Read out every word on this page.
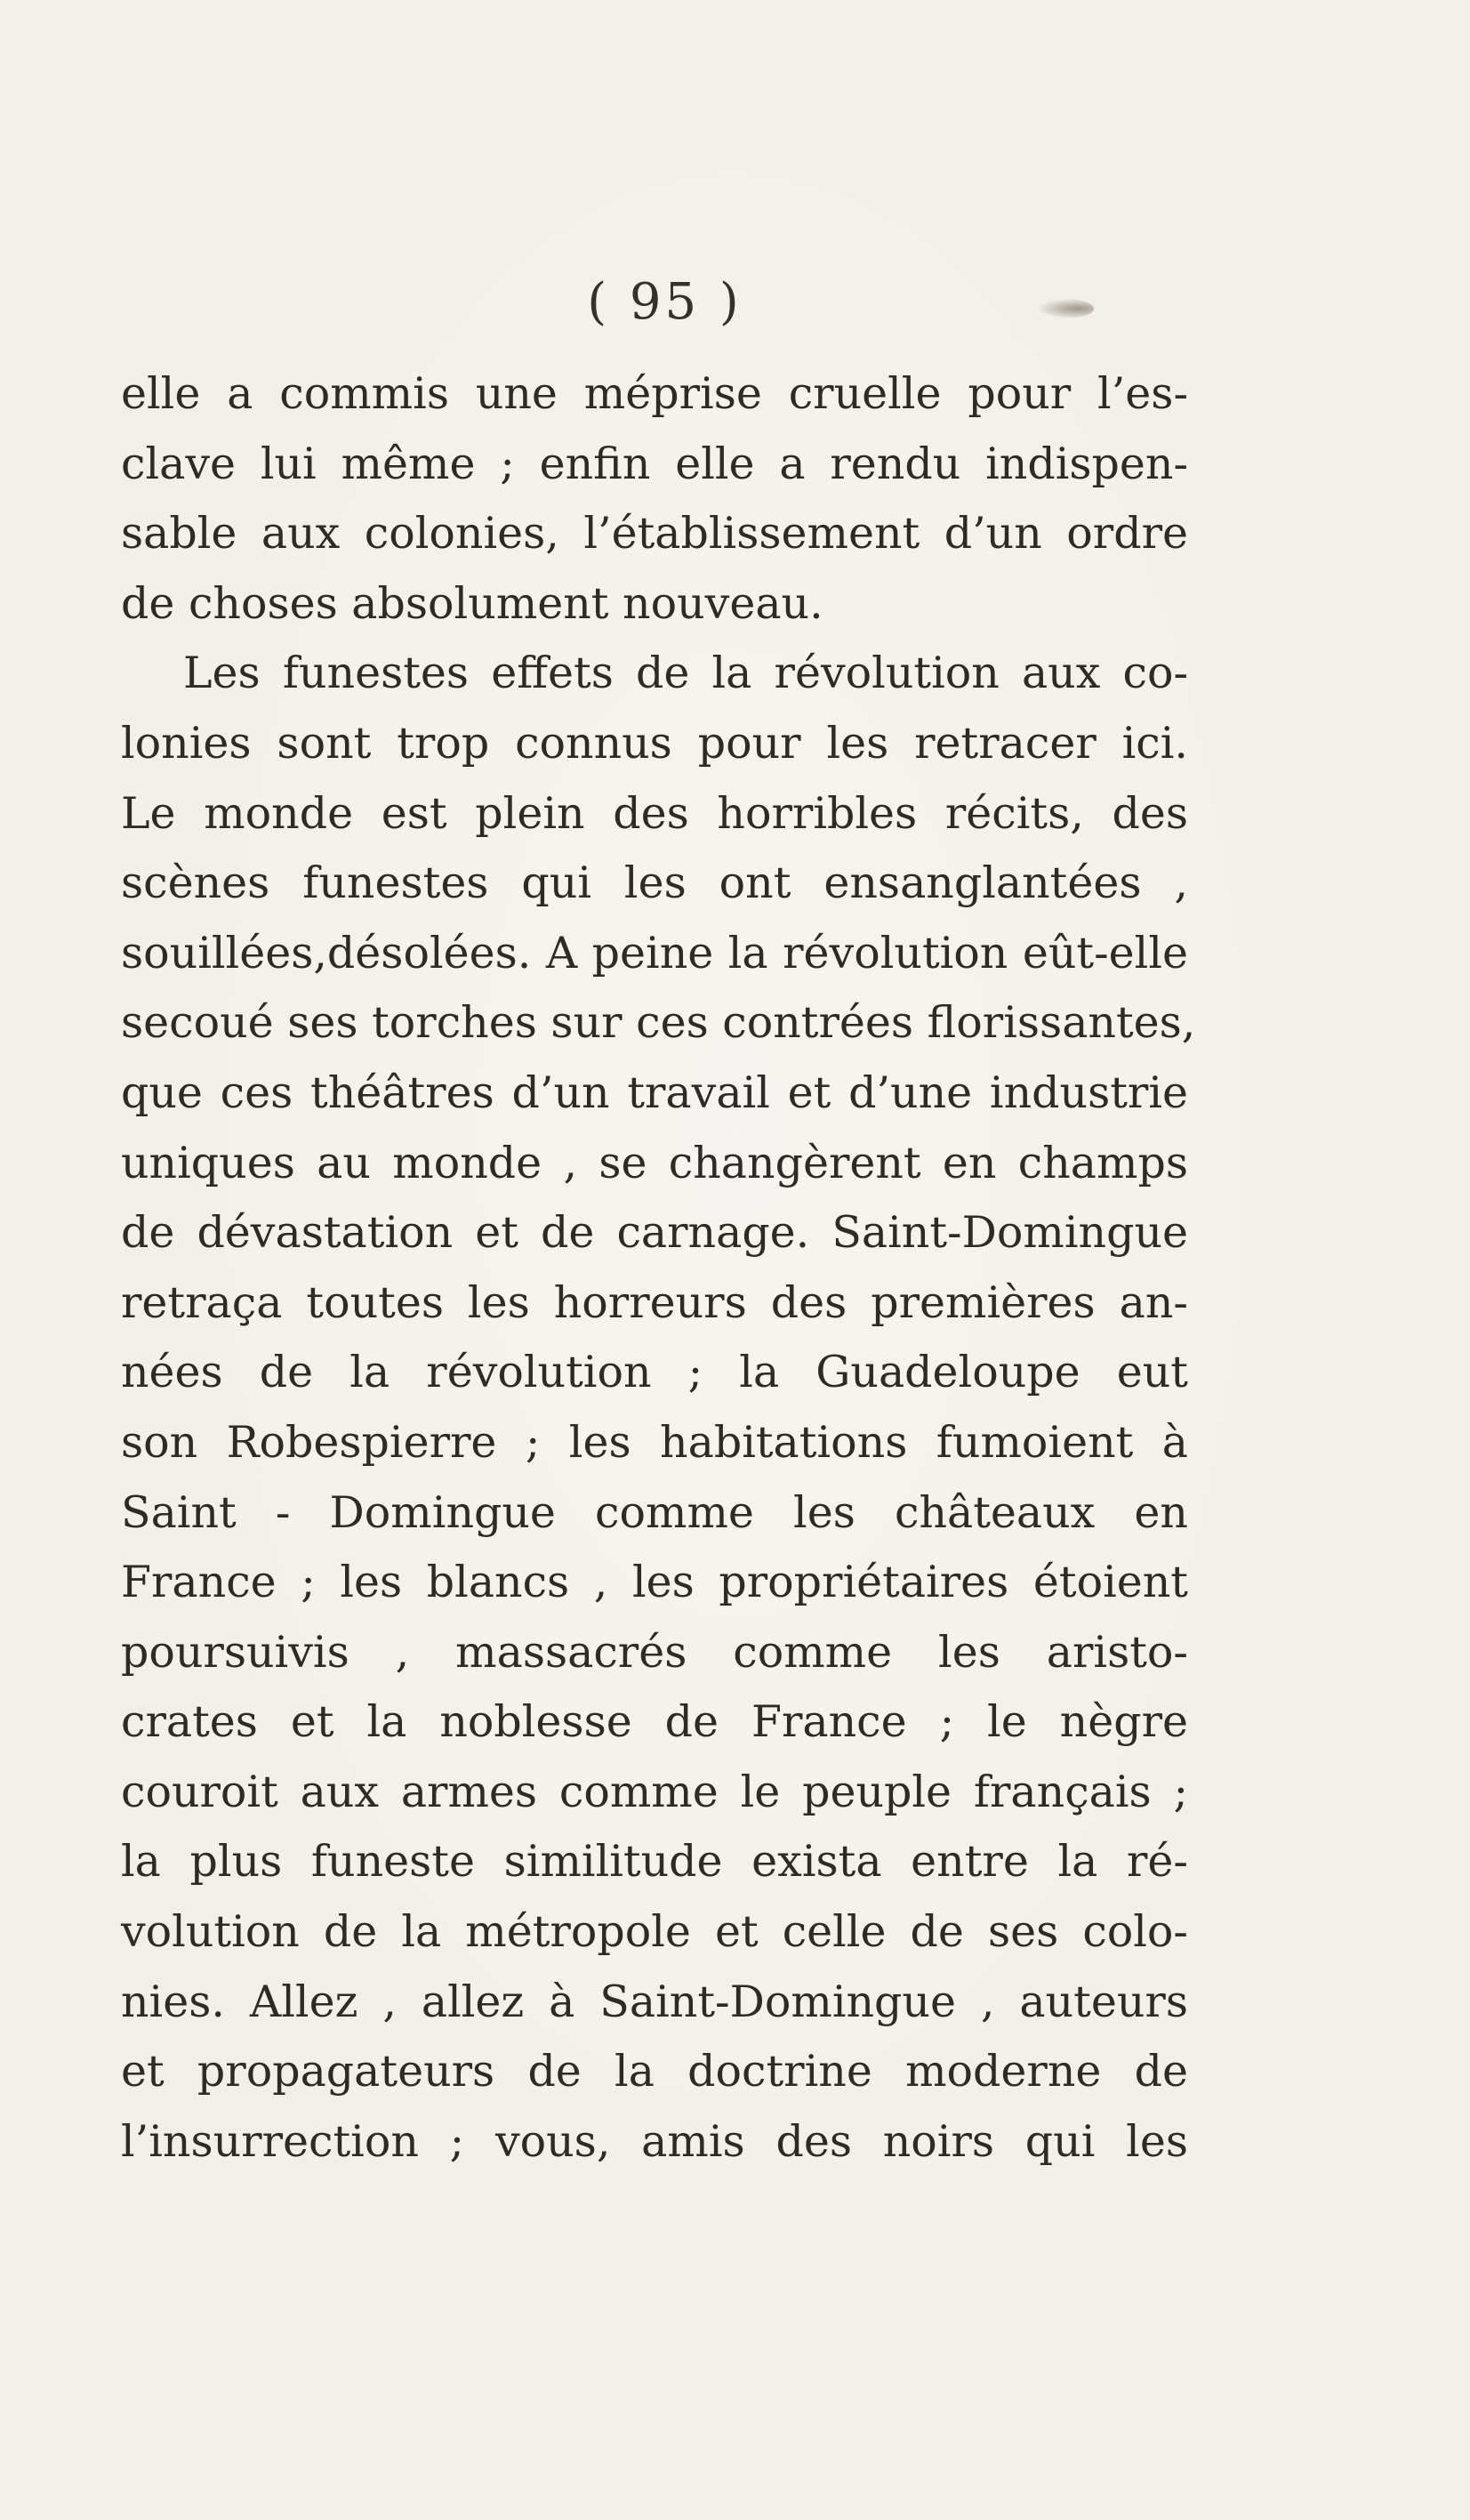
( 95 )
elle a commis une méprise cruelle pour l’es-
clave lui même ; enfin elle a rendu indispen-
sable aux colonies, l’établissement d’un ordre
de choses absolument nouveau.
Les funestes effets de la révolution aux co-
lonies sont trop connus pour les retracer ici.
Le monde est plein des horribles récits, des
scènes funestes qui les ont ensanglantées ,
souillées,désolées. A peine la révolution eût-elle
secoué ses torches sur ces contrées florissantes,
que ces théâtres d’un travail et d’une industrie
uniques au monde , se changèrent en champs
de dévastation et de carnage. Saint-Domingue
retraça toutes les horreurs des premières an-
nées de la révolution ; la Guadeloupe eut
son Robespierre ; les habitations fumoient à
Saint - Domingue comme les châteaux en
France ; les blancs , les propriétaires étoient
poursuivis , massacrés comme les aristo-
crates et la noblesse de France ; le nègre
couroit aux armes comme le peuple français ;
la plus funeste similitude exista entre la ré-
volution de la métropole et celle de ses colo-
nies. Allez , allez à Saint-Domingue , auteurs
et propagateurs de la doctrine moderne de
l’insurrection ; vous, amis des noirs qui les
